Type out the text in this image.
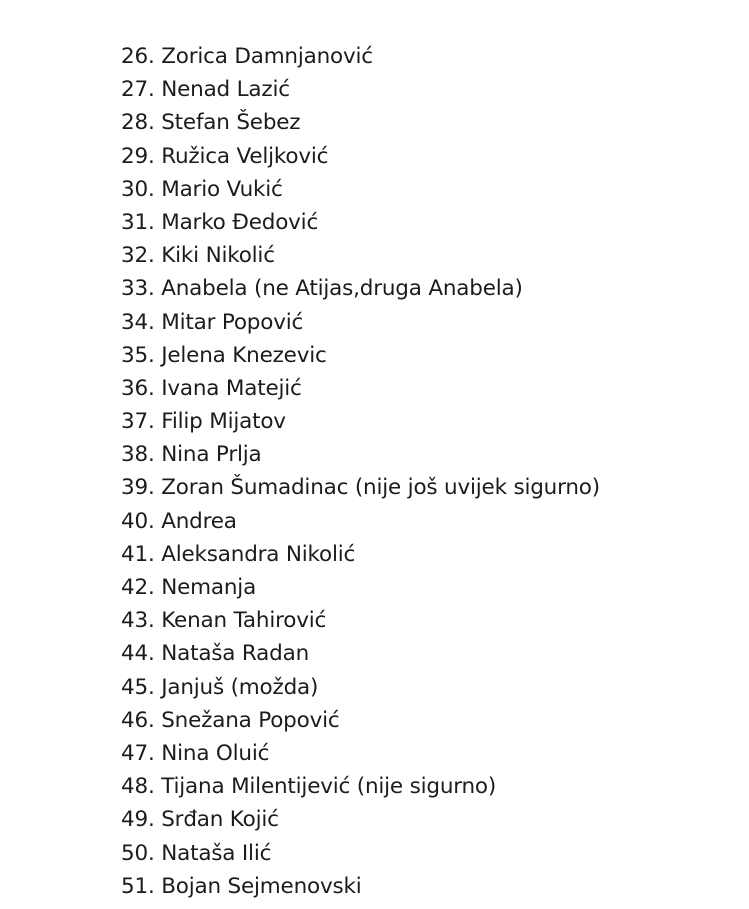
26. Zorica Damnjanović
27. Nenad Lazić
28. Stefan Šebez
29. Ružica Veljković
30. Mario Vukić
31. Marko Đedović
32. Kiki Nikolić
33. Anabela (ne Atijas,druga Anabela)
34. Mitar Popović
35. Jelena Knezevic
36. Ivana Matejić
37. Filip Mijatov
38. Nina Prlja
39. Zoran Šumadinac (nije još uvijek sigurno)
40. Andrea
41. Aleksandra Nikolić
42. Nemanja
43. Kenan Tahirović
44. Nataša Radan
45. Janjuš (možda)
46. Snežana Popović
47. Nina Oluić
48. Tijana Milentijević (nije sigurno)
49. Srđan Kojić
50. Nataša Ilić
51. Bojan Sejmenovski
